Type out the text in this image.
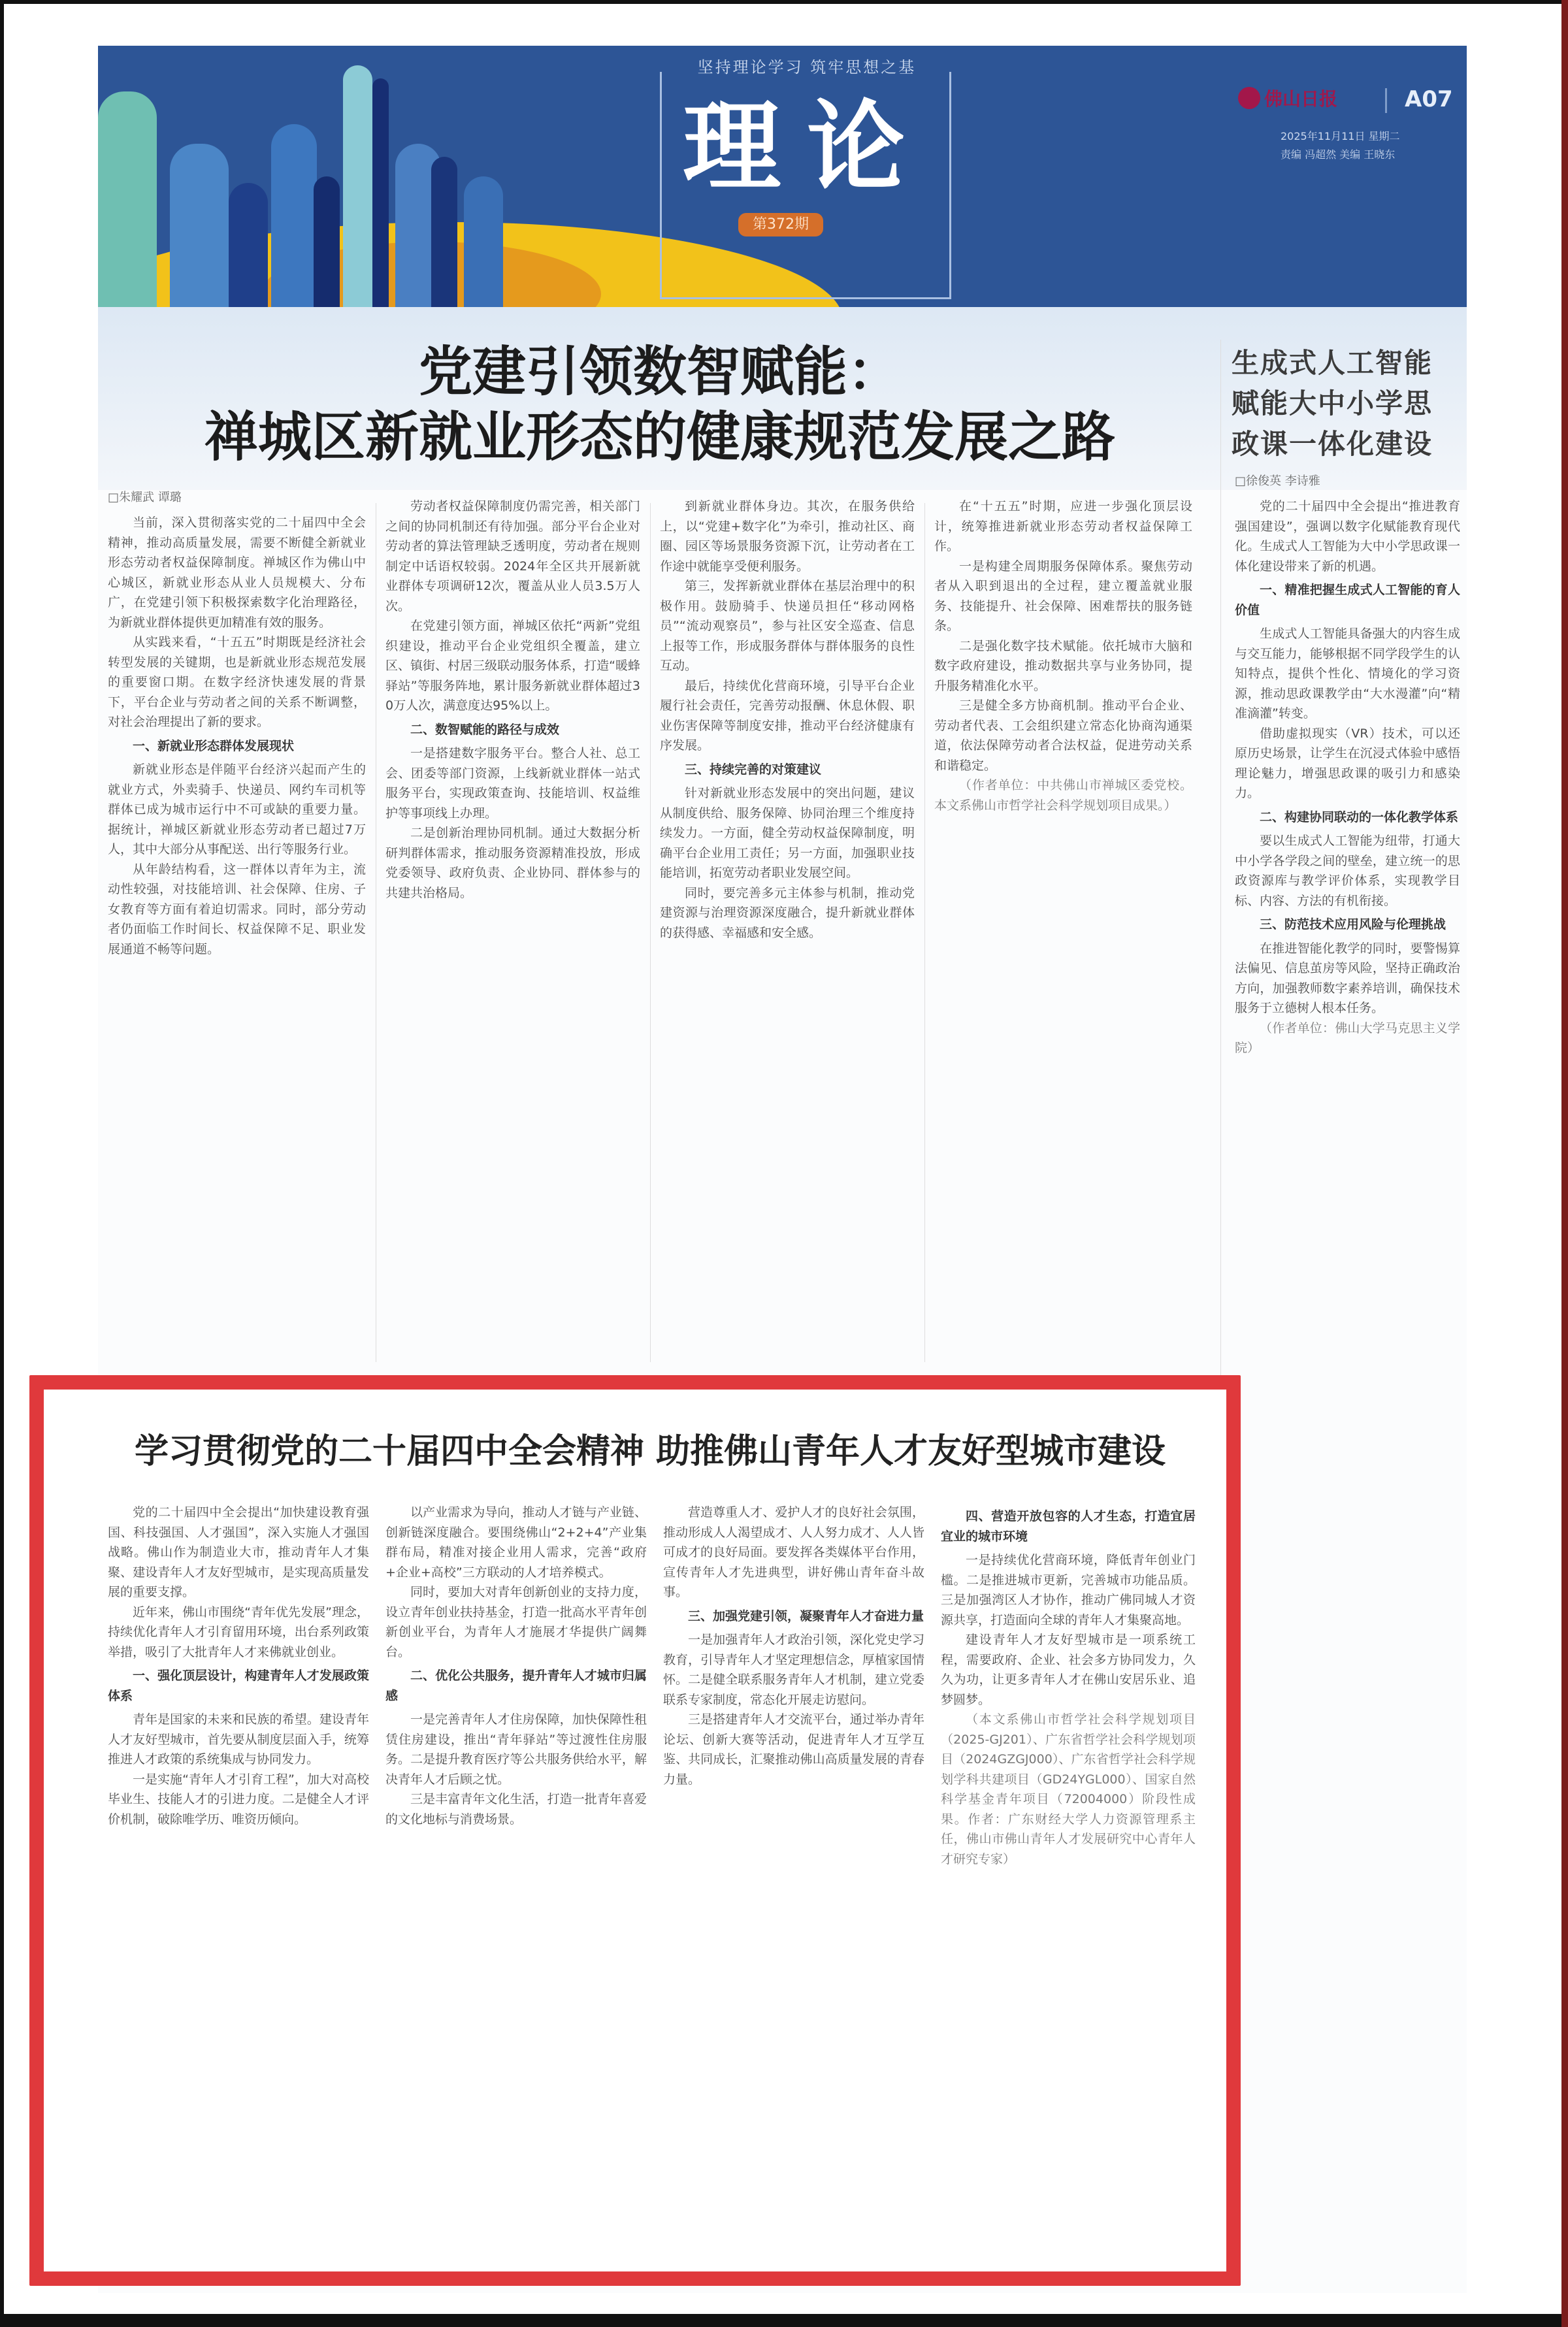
坚持理论学习 筑牢思想之基
理论
第372期
佛山日报	A07
2025年11月11日 星期二
责编 冯超然 美编 王晓东
党建引领数智赋能：
禅城区新就业形态的健康规范发展之路
□朱耀武 谭璐
生成式人工智能
赋能大中小学思
政课一体化建设
□徐俊英 李诗雅

当前，深入贯彻落实党的二十届四中全会精神，推动高质量发展，需要不断健全新就业形态劳动者权益保障制度。禅城区作为佛山中心城区，新就业形态从业人员规模大、分布广，在党建引领下积极探索数字化治理路径，为新就业群体提供更加精准有效的服务。

从实践来看，“十五五”时期既是经济社会转型发展的关键期，也是新就业形态规范发展的重要窗口期。在数字经济快速发展的背景下，平台企业与劳动者之间的关系不断调整，对社会治理提出了新的要求。

一、新就业形态群体发展现状

新就业形态是伴随平台经济兴起而产生的就业方式，外卖骑手、快递员、网约车司机等群体已成为城市运行中不可或缺的重要力量。据统计，禅城区新就业形态劳动者已超过7万人，其中大部分从事配送、出行等服务行业。

从年龄结构看，这一群体以青年为主，流动性较强，对技能培训、社会保障、住房、子女教育等方面有着迫切需求。同时，部分劳动者仍面临工作时间长、权益保障不足、职业发展通道不畅等问题。

劳动者权益保障制度仍需完善，相关部门之间的协同机制还有待加强。部分平台企业对劳动者的算法管理缺乏透明度，劳动者在规则制定中话语权较弱。2024年全区共开展新就业群体专项调研12次，覆盖从业人员3.5万人次。

在党建引领方面，禅城区依托“两新”党组织建设，推动平台企业党组织全覆盖，建立区、镇街、村居三级联动服务体系，打造“暖蜂驿站”等服务阵地，累计服务新就业群体超过30万人次，满意度达95%以上。

二、数智赋能的路径与成效

一是搭建数字服务平台。整合人社、总工会、团委等部门资源，上线新就业群体一站式服务平台，实现政策查询、技能培训、权益维护等事项线上办理。

二是创新治理协同机制。通过大数据分析研判群体需求，推动服务资源精准投放，形成党委领导、政府负责、企业协同、群体参与的共建共治格局。

到新就业群体身边。其次，在服务供给上，以“党建+数字化”为牵引，推动社区、商圈、园区等场景服务资源下沉，让劳动者在工作途中就能享受便利服务。

第三，发挥新就业群体在基层治理中的积极作用。鼓励骑手、快递员担任“移动网格员”“流动观察员”，参与社区安全巡查、信息上报等工作，形成服务群体与群体服务的良性互动。

最后，持续优化营商环境，引导平台企业履行社会责任，完善劳动报酬、休息休假、职业伤害保障等制度安排，推动平台经济健康有序发展。

三、持续完善的对策建议

针对新就业形态发展中的突出问题，建议从制度供给、服务保障、协同治理三个维度持续发力。一方面，健全劳动权益保障制度，明确平台企业用工责任；另一方面，加强职业技能培训，拓宽劳动者职业发展空间。

同时，要完善多元主体参与机制，推动党建资源与治理资源深度融合，提升新就业群体的获得感、幸福感和安全感。

在“十五五”时期，应进一步强化顶层设计，统筹推进新就业形态劳动者权益保障工作。

一是构建全周期服务保障体系。聚焦劳动者从入职到退出的全过程，建立覆盖就业服务、技能提升、社会保障、困难帮扶的服务链条。

二是强化数字技术赋能。依托城市大脑和数字政府建设，推动数据共享与业务协同，提升服务精准化水平。

三是健全多方协商机制。推动平台企业、劳动者代表、工会组织建立常态化协商沟通渠道，依法保障劳动者合法权益，促进劳动关系和谐稳定。

（作者单位：中共佛山市禅城区委党校。本文系佛山市哲学社会科学规划项目成果。）

党的二十届四中全会提出“推进教育强国建设”，强调以数字化赋能教育现代化。生成式人工智能为大中小学思政课一体化建设带来了新的机遇。

一、精准把握生成式人工智能的育人价值

生成式人工智能具备强大的内容生成与交互能力，能够根据不同学段学生的认知特点，提供个性化、情境化的学习资源，推动思政课教学由“大水漫灌”向“精准滴灌”转变。

借助虚拟现实（VR）技术，可以还原历史场景，让学生在沉浸式体验中感悟理论魅力，增强思政课的吸引力和感染力。

二、构建协同联动的一体化教学体系

要以生成式人工智能为纽带，打通大中小学各学段之间的壁垒，建立统一的思政资源库与教学评价体系，实现教学目标、内容、方法的有机衔接。

三、防范技术应用风险与伦理挑战

在推进智能化教学的同时，要警惕算法偏见、信息茧房等风险，坚持正确政治方向，加强教师数字素养培训，确保技术服务于立德树人根本任务。

（作者单位：佛山大学马克思主义学院）

学习贯彻党的二十届四中全会精神 助推佛山青年人才友好型城市建设

党的二十届四中全会提出“加快建设教育强国、科技强国、人才强国”，深入实施人才强国战略。佛山作为制造业大市，推动青年人才集聚、建设青年人才友好型城市，是实现高质量发展的重要支撑。

近年来，佛山市围绕“青年优先发展”理念，持续优化青年人才引育留用环境，出台系列政策举措，吸引了大批青年人才来佛就业创业。

一、强化顶层设计，构建青年人才发展政策体系

青年是国家的未来和民族的希望。建设青年人才友好型城市，首先要从制度层面入手，统筹推进人才政策的系统集成与协同发力。

一是实施“青年人才引育工程”，加大对高校毕业生、技能人才的引进力度。二是健全人才评价机制，破除唯学历、唯资历倾向。

以产业需求为导向，推动人才链与产业链、创新链深度融合。要围绕佛山“2+2+4”产业集群布局，精准对接企业用人需求，完善“政府+企业+高校”三方联动的人才培养模式。

同时，要加大对青年创新创业的支持力度，设立青年创业扶持基金，打造一批高水平青年创新创业平台，为青年人才施展才华提供广阔舞台。

二、优化公共服务，提升青年人才城市归属感

一是完善青年人才住房保障，加快保障性租赁住房建设，推出“青年驿站”等过渡性住房服务。二是提升教育医疗等公共服务供给水平，解决青年人才后顾之忧。

三是丰富青年文化生活，打造一批青年喜爱的文化地标与消费场景。

营造尊重人才、爱护人才的良好社会氛围，推动形成人人渴望成才、人人努力成才、人人皆可成才的良好局面。要发挥各类媒体平台作用，宣传青年人才先进典型，讲好佛山青年奋斗故事。

三、加强党建引领，凝聚青年人才奋进力量

一是加强青年人才政治引领，深化党史学习教育，引导青年人才坚定理想信念，厚植家国情怀。二是健全联系服务青年人才机制，建立党委联系专家制度，常态化开展走访慰问。

三是搭建青年人才交流平台，通过举办青年论坛、创新大赛等活动，促进青年人才互学互鉴、共同成长，汇聚推动佛山高质量发展的青春力量。

四、营造开放包容的人才生态，打造宜居宜业的城市环境

一是持续优化营商环境，降低青年创业门槛。二是推进城市更新，完善城市功能品质。三是加强湾区人才协作，推动广佛同城人才资源共享，打造面向全球的青年人才集聚高地。

建设青年人才友好型城市是一项系统工程，需要政府、企业、社会多方协同发力，久久为功，让更多青年人才在佛山安居乐业、追梦圆梦。

（本文系佛山市哲学社会科学规划项目（2025-GJ201）、广东省哲学社会科学规划项目（2024GZGJ000）、广东省哲学社会科学规划学科共建项目（GD24YGL000）、国家自然科学基金青年项目（72004000）阶段性成果。作者：广东财经大学人力资源管理系主任，佛山市佛山青年人才发展研究中心青年人才研究专家）
